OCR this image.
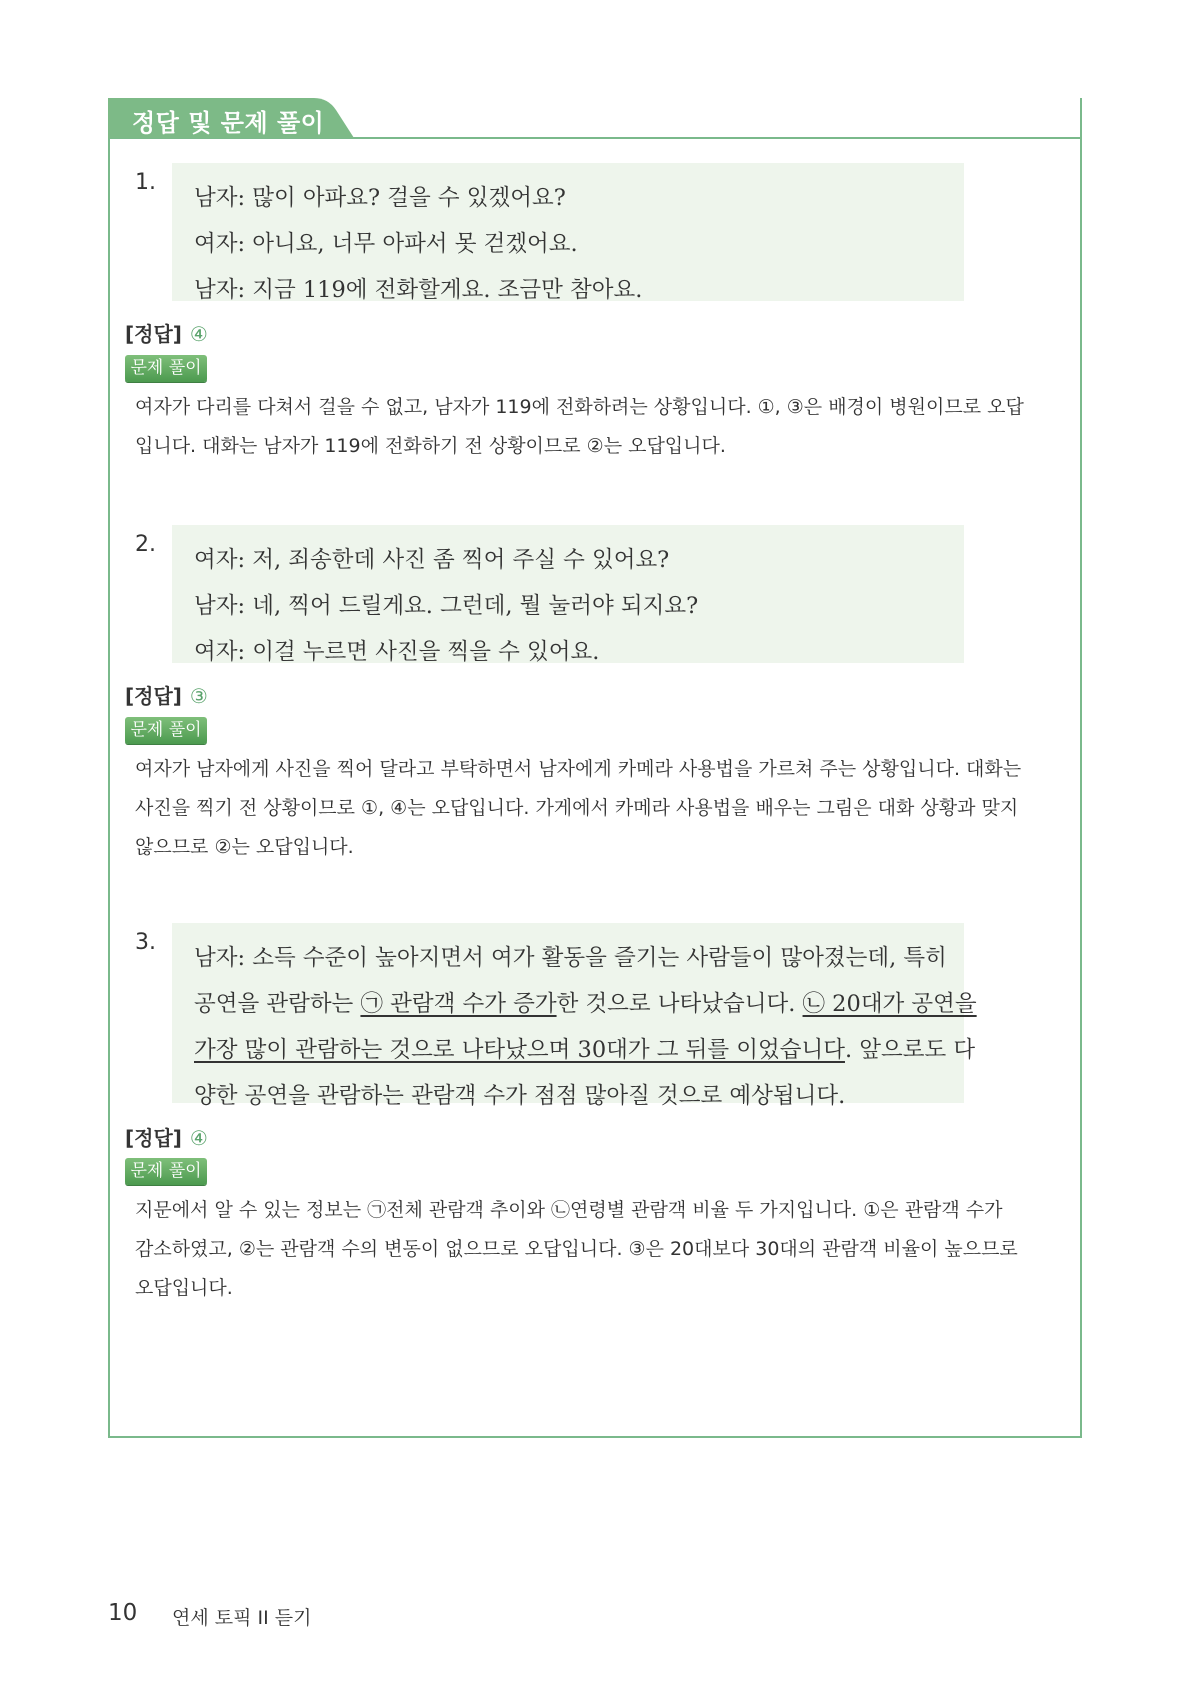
정답 및 문제 풀이
1.
남자: 많이 아파요? 걸을 수 있겠어요?
여자: 아니요, 너무 아파서 못 걷겠어요.
남자: 지금 119에 전화할게요. 조금만 참아요.
[정답] ④
문제 풀이
여자가 다리를 다쳐서 걸을 수 없고, 남자가 119에 전화하려는 상황입니다. ①, ③은 배경이 병원이므로 오답
입니다. 대화는 남자가 119에 전화하기 전 상황이므로 ②는 오답입니다.
2.
여자: 저, 죄송한데 사진 좀 찍어 주실 수 있어요?
남자: 네, 찍어 드릴게요. 그런데, 뭘 눌러야 되지요?
여자: 이걸 누르면 사진을 찍을 수 있어요.
[정답] ③
문제 풀이
여자가 남자에게 사진을 찍어 달라고 부탁하면서 남자에게 카메라 사용법을 가르쳐 주는 상황입니다. 대화는
사진을 찍기 전 상황이므로 ①, ④는 오답입니다. 가게에서 카메라 사용법을 배우는 그림은 대화 상황과 맞지
않으므로 ②는 오답입니다.
3.
남자: 소득 수준이 높아지면서 여가 활동을 즐기는 사람들이 많아졌는데, 특히
공연을 관람하는 ㉠ 관람객 수가 증가한 것으로 나타났습니다. ㉡ 20대가 공연을
가장 많이 관람하는 것으로 나타났으며 30대가 그 뒤를 이었습니다. 앞으로도 다
양한 공연을 관람하는 관람객 수가 점점 많아질 것으로 예상됩니다.
[정답] ④
문제 풀이
지문에서 알 수 있는 정보는 ㉠전체 관람객 추이와 ㉡연령별 관람객 비율 두 가지입니다. ①은 관람객 수가
감소하였고, ②는 관람객 수의 변동이 없으므로 오답입니다. ③은 20대보다 30대의 관람객 비율이 높으므로
오답입니다.
10 연세 토픽 II 듣기
